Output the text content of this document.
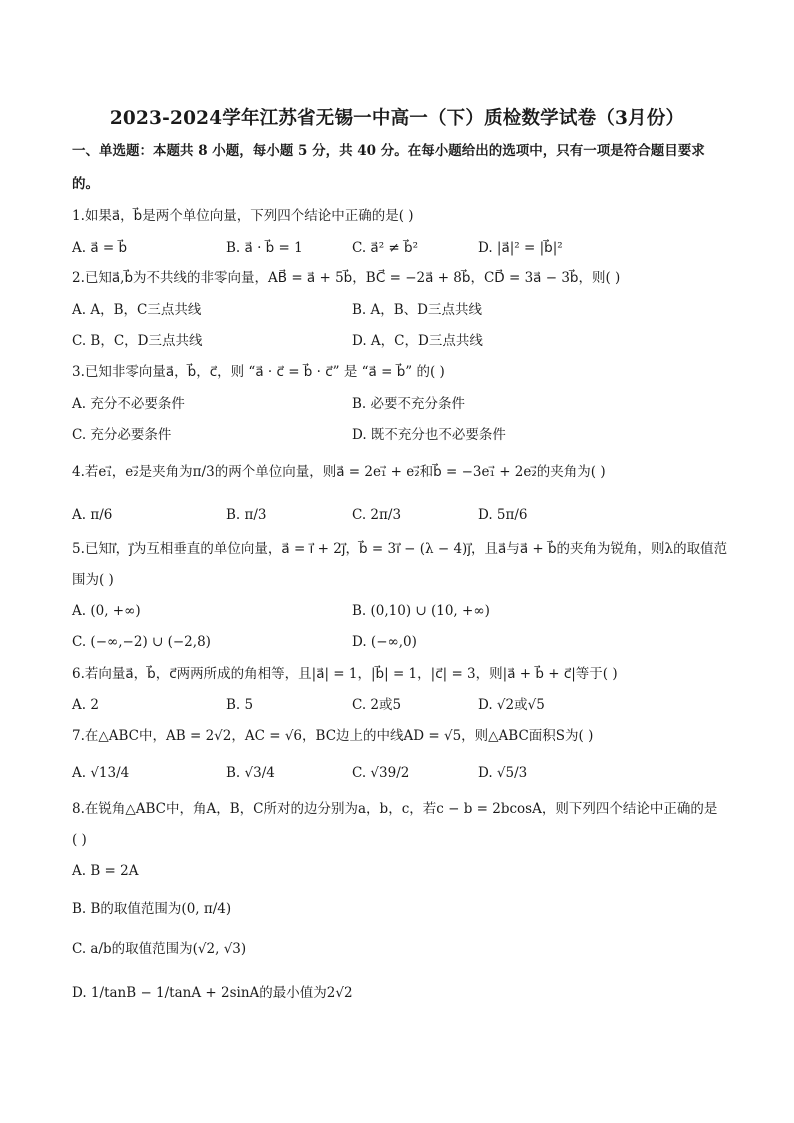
2023-2024学年江苏省无锡一中高一（下）质检数学试卷（3月份）
一、单选题：本题共 8 小题，每小题 5 分，共 40 分。在每小题给出的选项中，只有一项是符合题目要求
的。
1.如果a⃗，b⃗是两个单位向量，下列四个结论中正确的是( )
A. a⃗ = b⃗	B. a⃗ · b⃗ = 1	C. a⃗² ≠ b⃗²	D. |a⃗|² = |b⃗|²
2.已知a⃗,b⃗为不共线的非零向量，AB⃗ = a⃗ + 5b⃗，BC⃗ = −2a⃗ + 8b⃗，CD⃗ = 3a⃗ − 3b⃗，则( )
A. A，B，C三点共线	B. A，B、D三点共线
C. B，C，D三点共线	D. A，C，D三点共线
3.已知非零向量a⃗，b⃗，c⃗，则 “a⃗ · c⃗ = b⃗ · c⃗” 是 “a⃗ = b⃗” 的( )
A. 充分不必要条件	B. 必要不充分条件
C. 充分必要条件	D. 既不充分也不必要条件
4.若e₁⃗，e₂⃗是夹角为π/3的两个单位向量，则a⃗ = 2e₁⃗ + e₂⃗和b⃗ = −3e₁⃗ + 2e₂⃗的夹角为( )
A. π/6	B. π/3	C. 2π/3	D. 5π/6
5.已知i⃗，j⃗为互相垂直的单位向量，a⃗ = i⃗ + 2j⃗，b⃗ = 3i⃗ − (λ − 4)j⃗，且a⃗与a⃗ + b⃗的夹角为锐角，则λ的取值范
围为( )
A. (0, +∞)	B. (0,10) ∪ (10, +∞)
C. (−∞,−2) ∪ (−2,8)	D. (−∞,0)
6.若向量a⃗，b⃗，c⃗两两所成的角相等，且|a⃗| = 1，|b⃗| = 1，|c⃗| = 3，则|a⃗ + b⃗ + c⃗|等于( )
A. 2	B. 5	C. 2或5	D. √2或√5
7.在△ABC中，AB = 2√2，AC = √6，BC边上的中线AD = √5，则△ABC面积S为( )
A. √13/4	B. √3/4	C. √39/2	D. √5/3
8.在锐角△ABC中，角A，B，C所对的边分别为a，b，c，若c − b = 2bcosA，则下列四个结论中正确的是
( )
A. B = 2A
B. B的取值范围为(0, π/4)
C. a/b的取值范围为(√2, √3)
D. 1/tanB − 1/tanA + 2sinA的最小值为2√2
